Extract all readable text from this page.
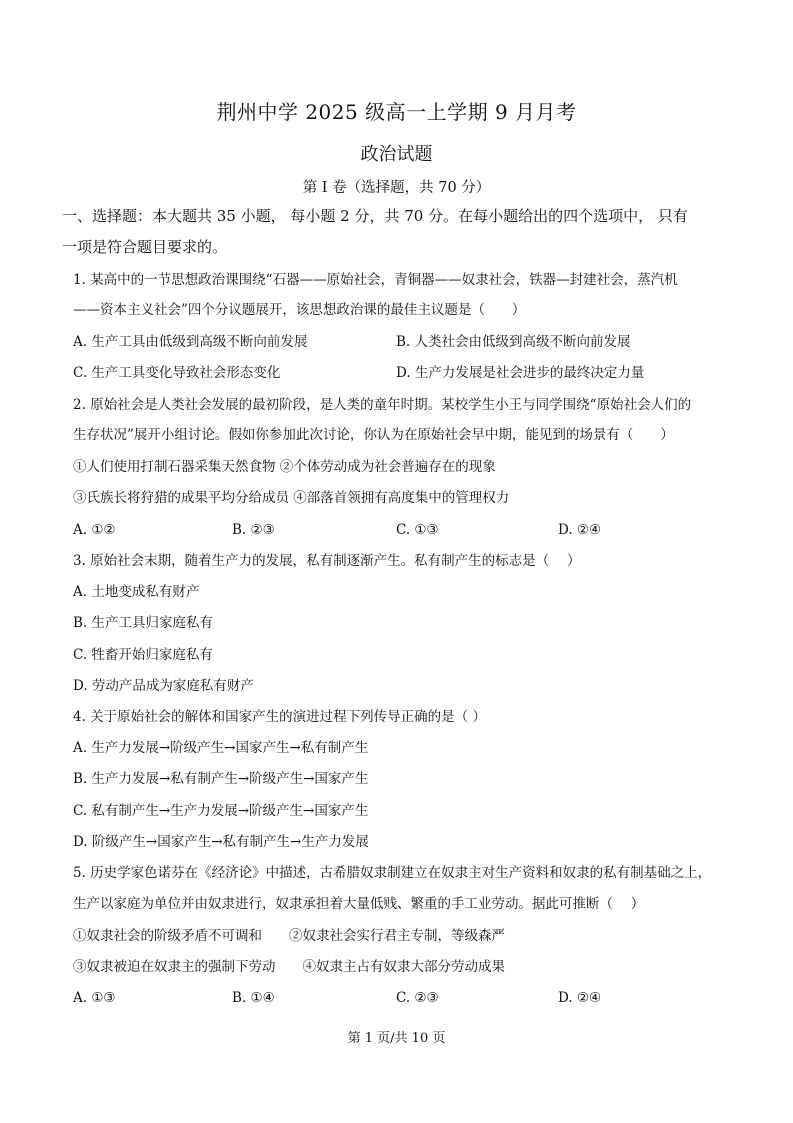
荆州中学 2025 级高一上学期 9 月月考
政治试题
第 I 卷（选择题，共 70 分）
一、选择题：本大题共 35 小题， 每小题 2 分，共 70 分。在每小题给出的四个选项中， 只有
一项是符合题目要求的。
1. 某高中的一节思想政治课围绕“石器——原始社会，青铜器——奴隶社会，铁器—封建社会，蒸汽机
——资本主义社会”四个分议题展开，该思想政治课的最佳主议题是（　　）
A. 生产工具由低级到高级不断向前发展	B. 人类社会由低级到高级不断向前发展
C. 生产工具变化导致社会形态变化	D. 生产力发展是社会进步的最终决定力量
2. 原始社会是人类社会发展的最初阶段，是人类的童年时期。某校学生小王与同学围绕“原始社会人们的
生存状况”展开小组讨论。假如你参加此次讨论，你认为在原始社会早中期，能见到的场景有（　　）
①人们使用打制石器采集天然食物 ②个体劳动成为社会普遍存在的现象
③氏族长将狩猎的成果平均分给成员 ④部落首领拥有高度集中的管理权力
A. ①②	B. ②③	C. ①③	D. ②④
3. 原始社会末期，随着生产力的发展，私有制逐渐产生。私有制产生的标志是（　 ）
A. 土地变成私有财产
B. 生产工具归家庭私有
C. 牲畜开始归家庭私有
D. 劳动产品成为家庭私有财产
4. 关于原始社会的解体和国家产生的演进过程下列传导正确的是（ ）
A. 生产力发展→阶级产生→国家产生→私有制产生
B. 生产力发展→私有制产生→阶级产生→国家产生
C. 私有制产生→生产力发展→阶级产生→国家产生
D. 阶级产生→国家产生→私有制产生→生产力发展
5. 历史学家色诺芬在《经济论》中描述，古希腊奴隶制建立在奴隶主对生产资料和奴隶的私有制基础之上，
生产以家庭为单位并由奴隶进行，奴隶承担着大量低贱、繁重的手工业劳动。据此可推断（　 ）
①奴隶社会的阶级矛盾不可调和　　②奴隶社会实行君主专制，等级森严
③奴隶被迫在奴隶主的强制下劳动　　④奴隶主占有奴隶大部分劳动成果
A. ①③	B. ①④	C. ②③	D. ②④
第 1 页/共 10 页
